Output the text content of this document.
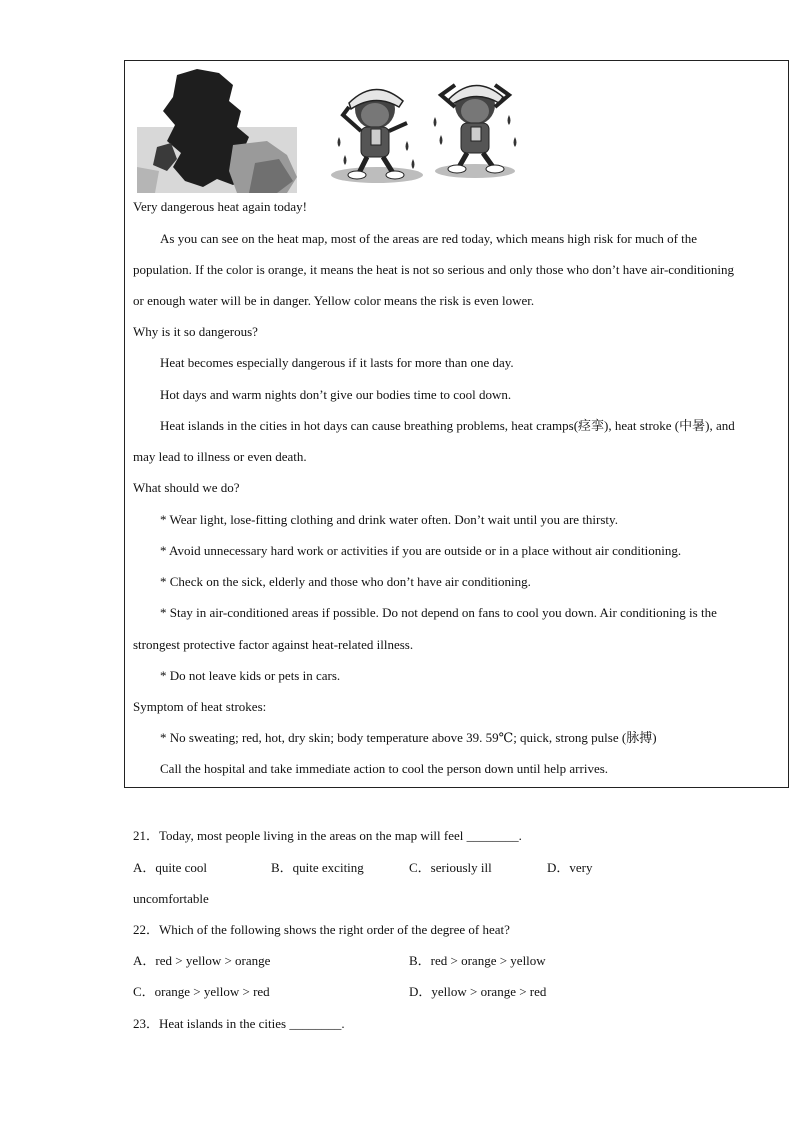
Very dangerous heat again today!
As you can see on the heat map, most of the areas are red today, which means high risk for much of the
population. If the color is orange, it means the heat is not so serious and only those who don’t have air-conditioning
or enough water will be in danger. Yellow color means the risk is even lower.
Why is it so dangerous?
Heat becomes especially dangerous if it lasts for more than one day.
Hot days and warm nights don’t give our bodies time to cool down.
Heat islands in the cities in hot days can cause breathing problems, heat cramps(痉挛), heat stroke (中暑), and
may lead to illness or even death.
What should we do?
* Wear light, lose-fitting clothing and drink water often. Don’t wait until you are thirsty.
* Avoid unnecessary hard work or activities if you are outside or in a place without air conditioning.
* Check on the sick, elderly and those who don’t have air conditioning.
* Stay in air-conditioned areas if possible. Do not depend on fans to cool you down. Air conditioning is the
strongest protective factor against heat-related illness.
* Do not leave kids or pets in cars.
Symptom of heat strokes:
* No sweating; red, hot, dry skin; body temperature above 39. 59℃; quick, strong pulse (脉搏)
Call the hospital and take immediate action to cool the person down until help arrives.
21．Today, most people living in the areas on the map will feel ________.
A．quite cool	B．quite exciting	C．seriously ill	D．very
uncomfortable
22．Which of the following shows the right order of the degree of heat?
A．red > yellow > orange	B．red > orange > yellow
C．orange > yellow > red	D．yellow > orange > red
23．Heat islands in the cities ________.
